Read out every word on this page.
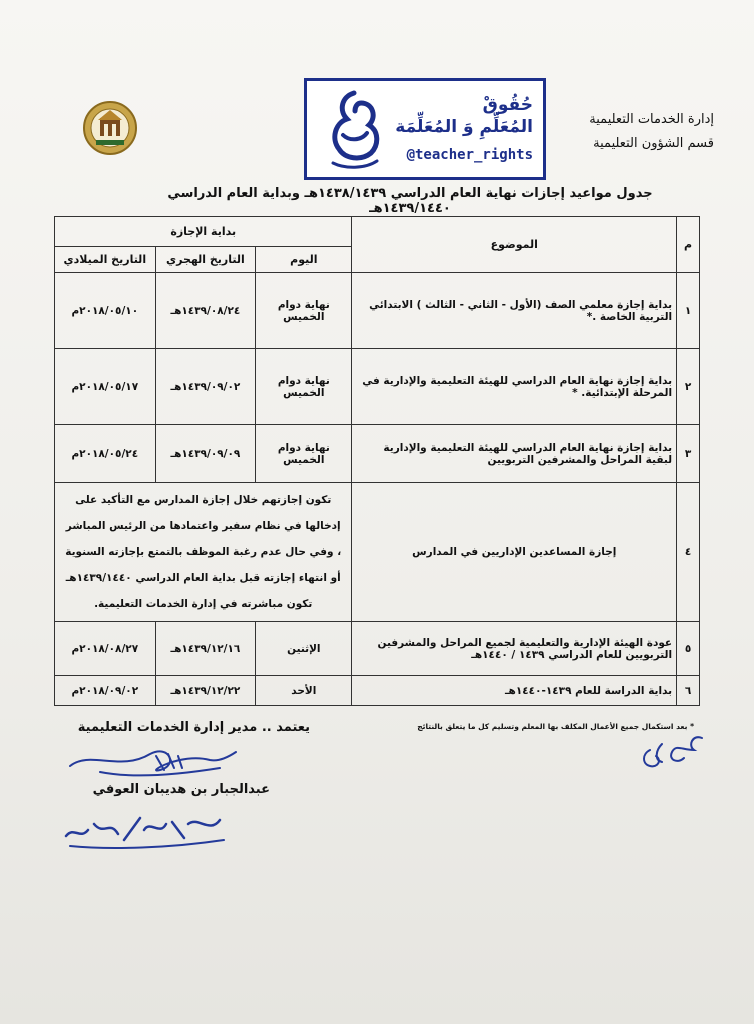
حُقُوقْ
المُعَلِّمِ وَ المُعَلِّمَة
@teacher_rights
إدارة الخدمات التعليمية
قسم الشؤون التعليمية
جدول مواعيد إجازات نهاية العام الدراسي ١٤٣٨/١٤٣٩هـ وبداية العام الدراسي ١٤٣٩/١٤٤٠هـ
م	الموضوع	بداية الإجازة		
		اليوم	التاريخ الهجري	التاريخ الميلادي
١	بداية إجازة معلمي الصف (الأول - الثاني - الثالث ) الابتدائي التربية الخاصة .*	نهاية دوام الخميس	١٤٣٩/٠٨/٢٤هـ	٢٠١٨/٠٥/١٠م
٢	بداية إجازة نهاية العام الدراسي للهيئة التعليمية والإدارية في المرحلة الإبتدائية. *	نهاية دوام الخميس	١٤٣٩/٠٩/٠٢هـ	٢٠١٨/٠٥/١٧م
٣	بداية إجازة نهاية العام الدراسي للهيئة التعليمية والإدارية لبقية المراحل والمشرفين التربويين	نهاية دوام الخميس	١٤٣٩/٠٩/٠٩هـ	٢٠١٨/٠٥/٢٤م
٤	إجازة المساعدين الإداريين في المدارس	تكون إجازتهم خلال إجازة المدارس مع التأكيد على إدخالها في نظام سفير واعتمادها من الرئيس المباشر ، وفي حال عدم رغبة الموظف بالتمتع بإجازته السنوية أو انتهاء إجازته قبل بداية العام الدراسي ١٤٣٩/١٤٤٠هـ تكون مباشرته في إدارة الخدمات التعليمية.		
٥	عودة الهيئة الإدارية والتعليمية لجميع المراحل والمشرفين التربويين للعام الدراسي ١٤٣٩ / ١٤٤٠هـ	الإثنين	١٤٣٩/١٢/١٦هـ	٢٠١٨/٠٨/٢٧م
٦	بداية الدراسة للعام ١٤٣٩-١٤٤٠هـ	الأحد	١٤٣٩/١٢/٢٢هـ	٢٠١٨/٠٩/٠٢م
* بعد استكمال جميع الأعمال المكلف بها المعلم وتسليم كل ما يتعلق بالنتائج
يعتمد .. مدير إدارة الخدمات التعليمية
عبدالجبار بن هديبان العوفي
